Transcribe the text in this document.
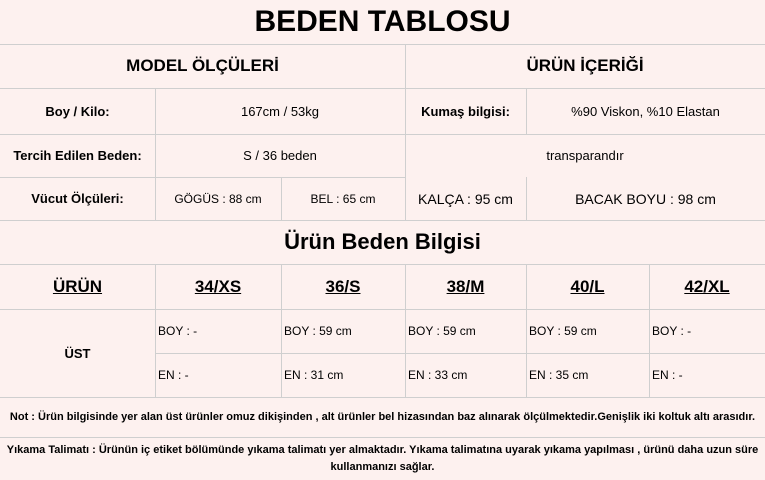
BEDEN TABLOSU
MODEL ÖLÇÜLERİ	ÜRÜN İÇERİĞİ
Boy / Kilo:	167cm / 53kg	Kumaş bilgisi:	%90 Viskon, %10 Elastan
Tercih Edilen Beden:	S / 36 beden	transparandır
Vücut Ölçüleri:	GÖGÜS : 88 cm	BEL : 65 cm	KALÇA : 95 cm	BACAK BOYU : 98 cm
Ürün Beden Bilgisi
ÜRÜN	34/XS	36/S	38/M	40/L	42/XL
ÜST
BOY : -	BOY : 59 cm	BOY : 59 cm	BOY : 59 cm	BOY : -
EN : -	EN : 31 cm	EN : 33 cm	EN : 35 cm	EN : -
Not : Ürün bilgisinde yer alan üst ürünler omuz dikişinden , alt ürünler bel hizasından baz alınarak ölçülmektedir.Genişlik iki koltuk altı arasıdır.
Yıkama Talimatı : Ürünün iç etiket bölümünde yıkama talimatı yer almaktadır. Yıkama talimatına uyarak yıkama yapılması , ürünü daha uzun süre kullanmanızı sağlar.
